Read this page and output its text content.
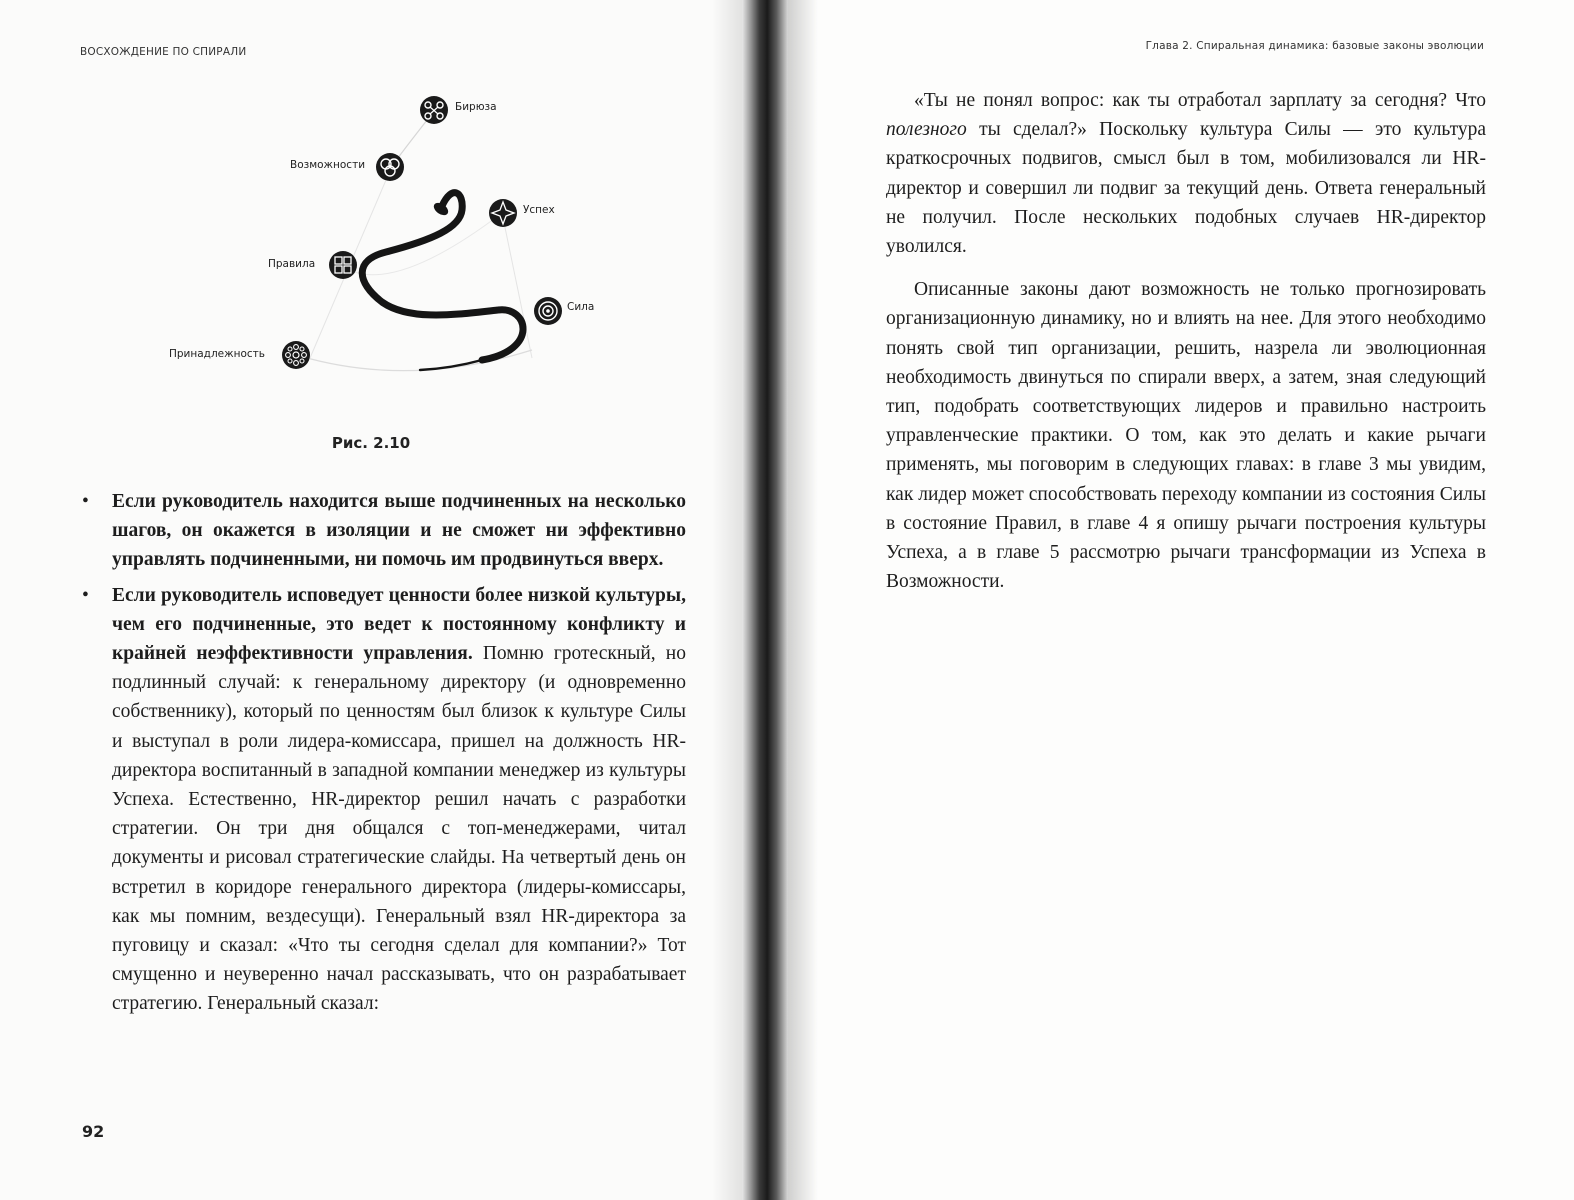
ВОСХОЖДЕНИЕ ПО СПИРАЛИ
Бирюза
Возможности
Успех
Правила
Сила
Принадлежность
Рис. 2.10
• Если руководитель находится выше подчиненных на несколько шагов, он окажется в изоляции и не сможет ни эффективно управлять подчиненными, ни помочь им продвинуться вверх.
• Если руководитель исповедует ценности более низкой культуры, чем его подчиненные, это ведет к постоянному конфликту и крайней неэффективности управления. Помню гротескный, но подлинный случай: к генеральному директору (и одновременно собственнику), который по ценностям был близок к культуре Силы и выступал в роли лидера-комиссара, пришел на должность HR-директора воспитанный в западной компании менеджер из культуры Успеха. Естественно, HR-директор решил начать с разработки стратегии. Он три дня общался с топ-менеджерами, читал документы и рисовал стратегические слайды. На четвертый день он встретил в коридоре генерального директора (лидеры-комиссары, как мы помним, вездесущи). Генеральный взял HR-директора за пуговицу и сказал: «Что ты сегодня сделал для компании?» Тот смущенно и неуверенно начал рассказывать, что он разрабатывает стратегию. Генеральный сказал:
92
Глава 2. Спиральная динамика: базовые законы эволюции

«Ты не понял вопрос: как ты отработал зарплату за сегодня? Что полезного ты сделал?» Поскольку культура Силы — это культура краткосрочных подвигов, смысл был в том, мобилизовался ли HR-директор и совершил ли подвиг за текущий день. Ответа генеральный не получил. После нескольких подобных случаев HR-директор уволился.

Описанные законы дают возможность не только прогнозировать организационную динамику, но и влиять на нее. Для этого необходимо понять свой тип организации, решить, назрела ли эволюционная необходимость двинуться по спирали вверх, а затем, зная следующий тип, подобрать соответствующих лидеров и правильно настроить управленческие практики. О том, как это делать и какие рычаги применять, мы поговорим в следующих главах: в главе 3 мы увидим, как лидер может способствовать переходу компании из состояния Силы в состояние Правил, в главе 4 я опишу рычаги построения культуры Успеха, а в главе 5 рассмотрю рычаги трансформации из Успеха в Возможности.
